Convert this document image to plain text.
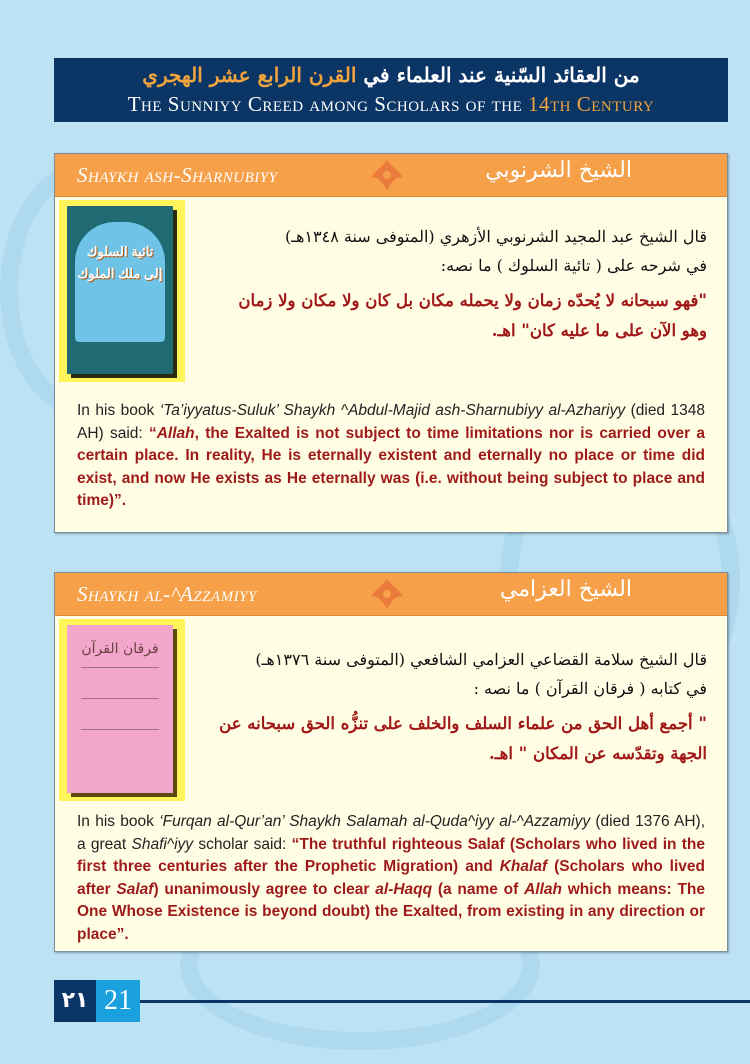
من العقائد السّنية عند العلماء في القرن الرابع عشر الهجري
The Sunniyy Creed among Scholars of the 14th Century
Shaykh ash-Sharnubiyy	الشيخ الشرنوبي
تائية السلوك
إلى ملك الملوك
قال الشيخ عبد المجيد الشرنوبي الأزهري (المتوفى سنة ١٣٤٨هـ)
في شرحه على ( تائية السلوك ) ما نصه:
"فهو سبحانه لا يُحدّه زمان ولا يحمله مكان بل كان ولا مكان ولا زمان
وهو الآن على ما عليه كان" اهـ.
In his book ‘Ta’iyyatus-Suluk’ Shaykh ^Abdul-Majid ash-Sharnubiyy al-Azhariyy (died 1348 AH) said: “Allah, the Exalted is not subject to time limitations nor is carried over a certain place. In reality, He is eternally existent and eternally no place or time did exist, and now He exists as He eternally was (i.e. without being subject to place and time)”.
Shaykh al-^Azzamiyy	الشيخ العزامي
فرقان القرآن
قال الشيخ سلامة القضاعي العزامي الشافعي (المتوفى سنة ١٣٧٦هـ)
في كتابه ( فرقان القرآن ) ما نصه :
" أجمع أهل الحق من علماء السلف والخلف على تنزُّه الحق سبحانه عن
الجهة وتقدّسه عن المكان " اهـ.
In his book ‘Furqan al-Qur’an’ Shaykh Salamah al-Quda^iyy al-^Azzamiyy (died 1376 AH), a great Shafi^iyy scholar said: “The truthful righteous Salaf (Scholars who lived in the first three centuries after the Prophetic Migration) and Khalaf (Scholars who lived after Salaf) unanimously agree to clear al-Haqq (a name of Allah which means: The One Whose Existence is beyond doubt) the Exalted, from existing in any direction or place”.
٢١ 21
